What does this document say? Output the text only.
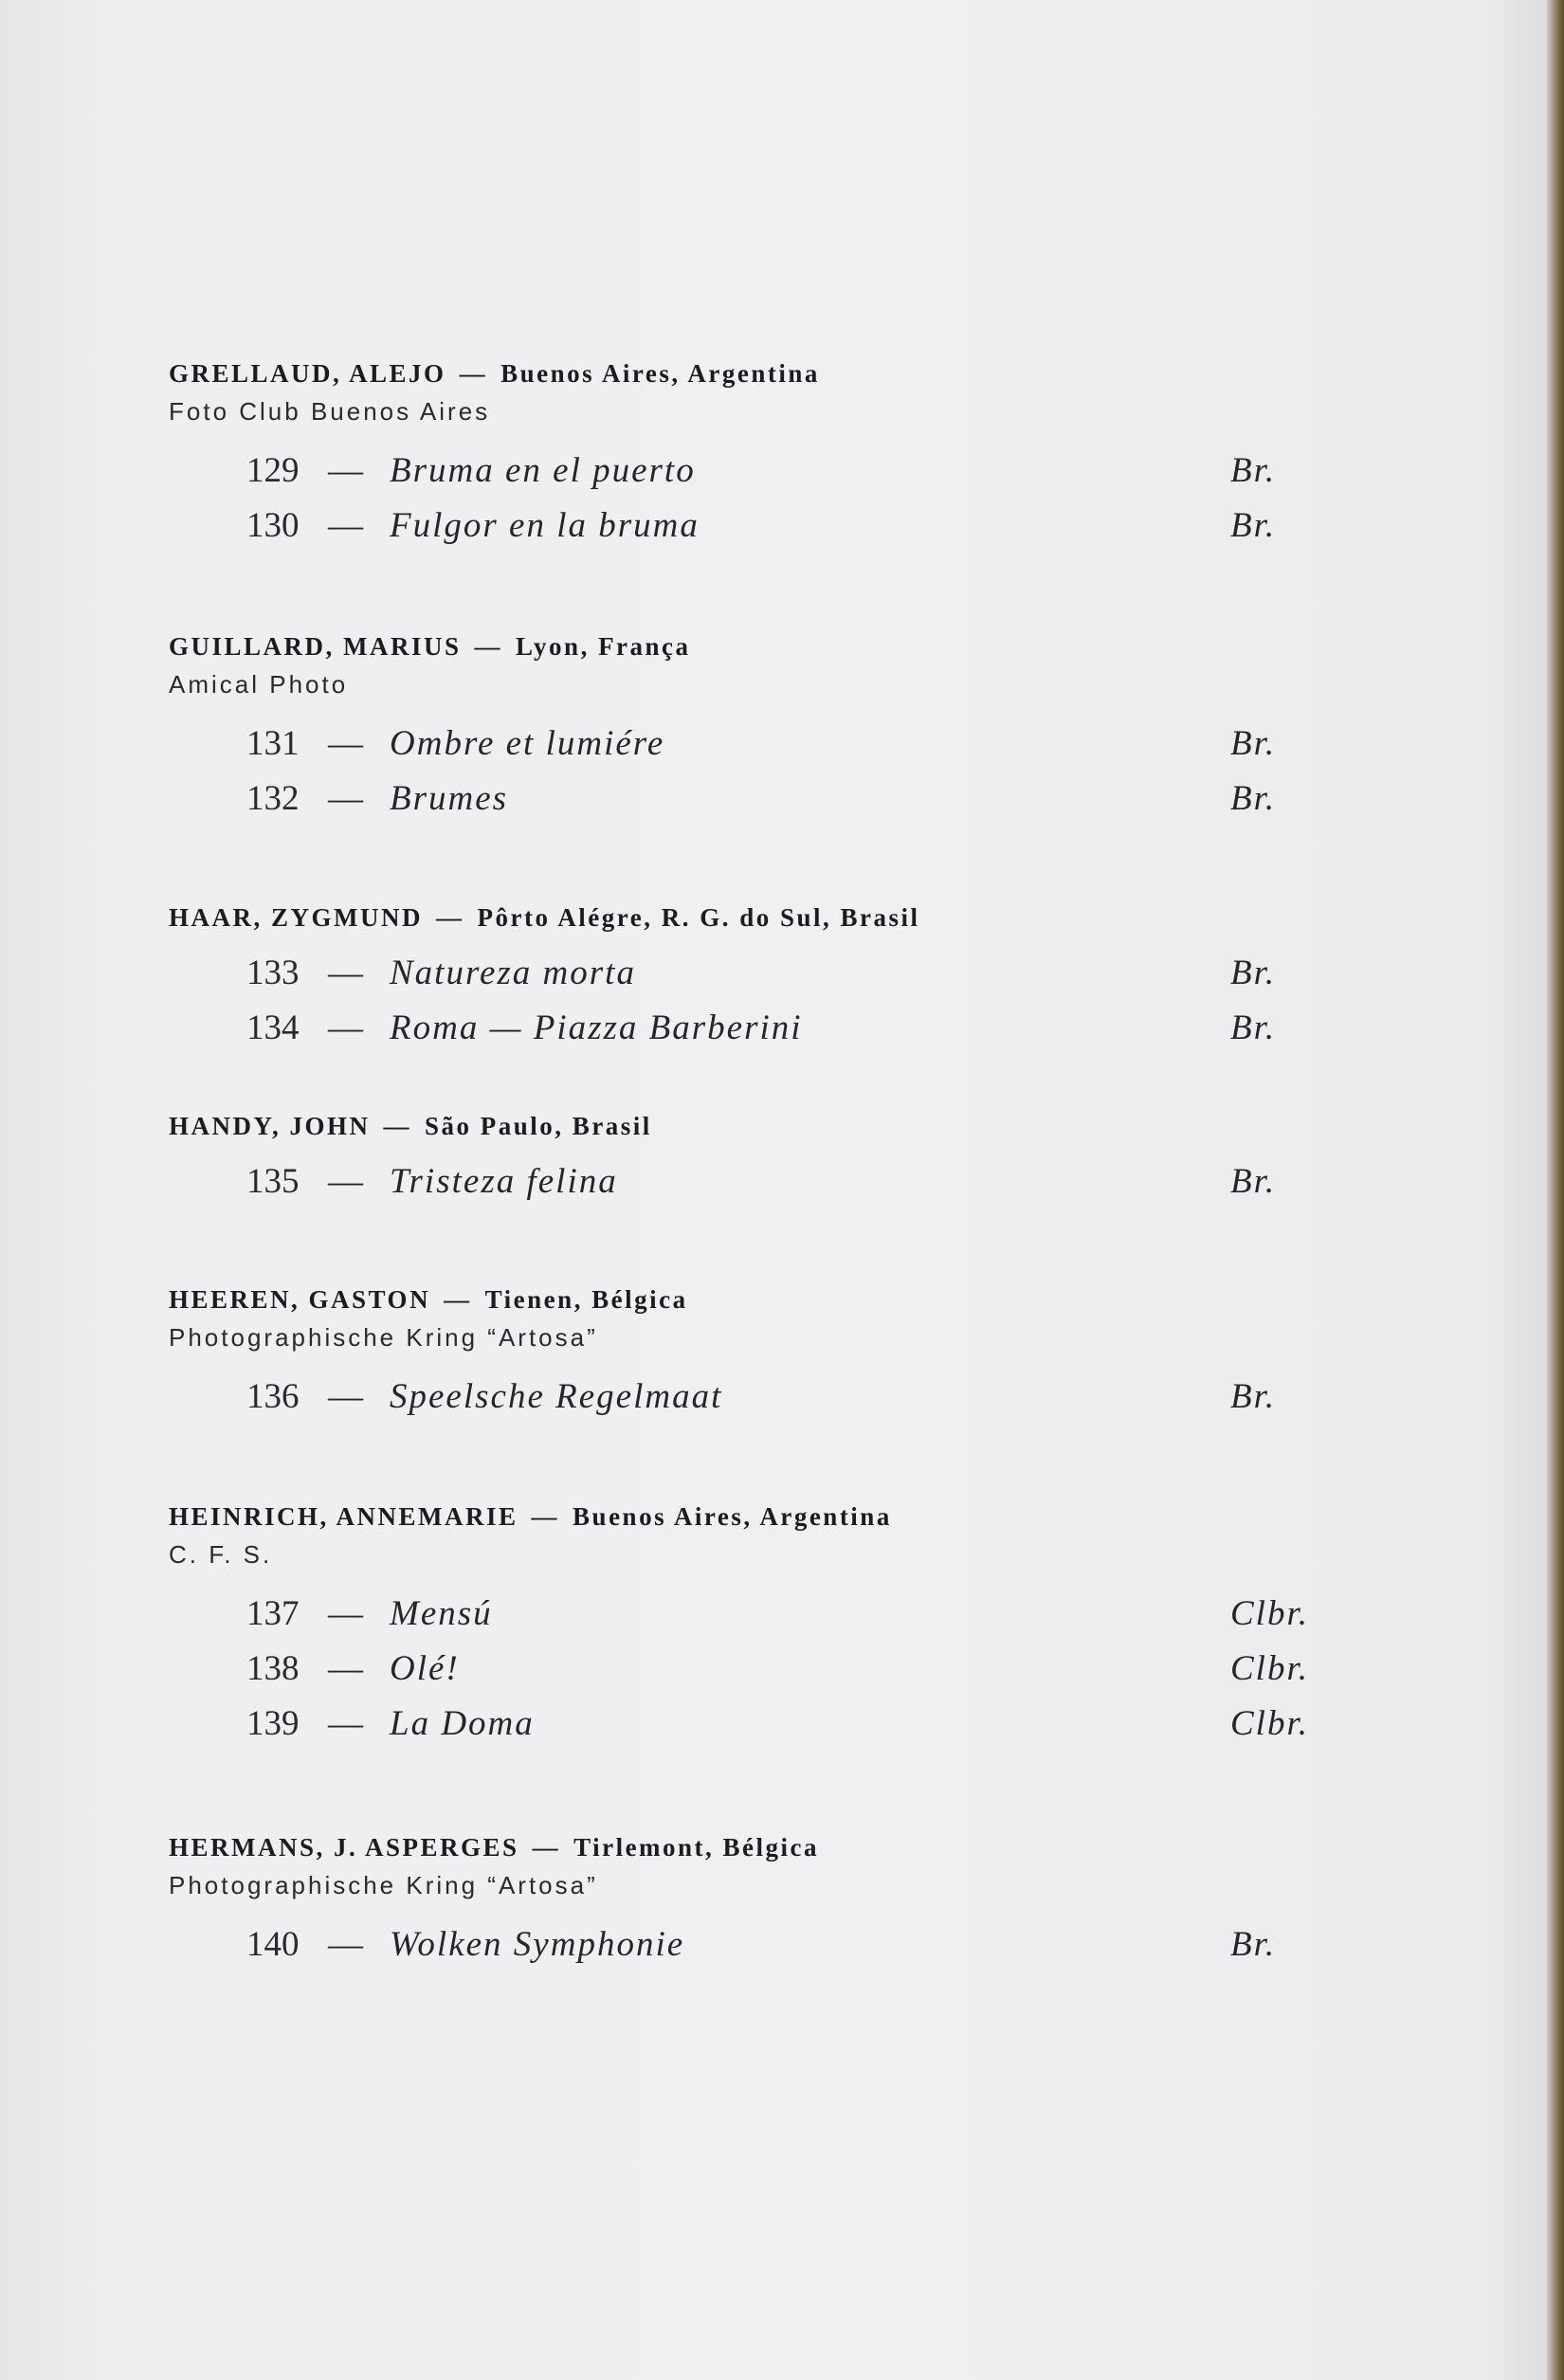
GRELLAUD, ALEJO — Buenos Aires, Argentina
Foto Club Buenos Aires
129 — Bruma en el puerto	Br.
130 — Fulgor en la bruma	Br.
GUILLARD, MARIUS — Lyon, França
Amical Photo
131 — Ombre et lumiére	Br.
132 — Brumes	Br.
HAAR, ZYGMUND — Pôrto Alégre, R. G. do Sul, Brasil
133 — Natureza morta	Br.
134 — Roma — Piazza Barberini	Br.
HANDY, JOHN — São Paulo, Brasil
135 — Tristeza felina	Br.
HEEREN, GASTON — Tienen, Bélgica
Photographische Kring “Artosa”
136 — Speelsche Regelmaat	Br.
HEINRICH, ANNEMARIE — Buenos Aires, Argentina
C. F. S.
137 — Mensú	Clbr.
138 — Olé!	Clbr.
139 — La Doma	Clbr.
HERMANS, J. ASPERGES — Tirlemont, Bélgica
Photographische Kring “Artosa”
140 — Wolken Symphonie	Br.
